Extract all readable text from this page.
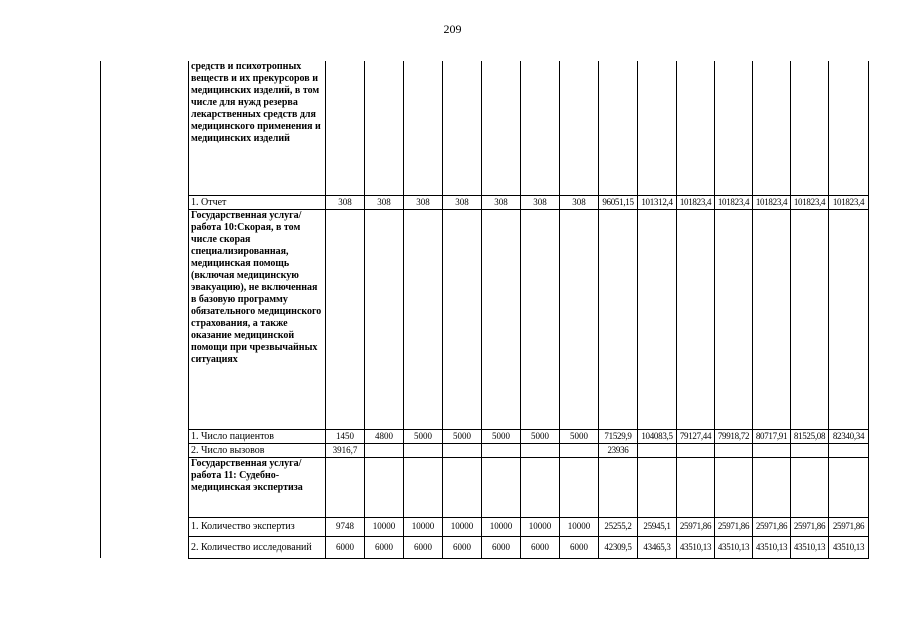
209
	средств и психотропных веществ и их прекурсоров и медицинских изделий, в том числе для нужд резерва лекарственных средств для медицинского применения и медицинских изделий														
	1. Отчет	308	308	308	308	308	308	308	96051,15	101312,4	101823,4	101823,4	101823,4	101823,4	101823,4
	Государственная услуга/работа 10:Скорая, в том числе скорая специализированная, медицинская помощь (включая медицинскую эвакуацию), не включенная в базовую программу обязательного медицинского страхования, а также оказание медицинской помощи при чрезвычайных ситуациях														
	1. Число пациентов	1450	4800	5000	5000	5000	5000	5000	71529,9	104083,5	79127,44	79918,72	80717,91	81525,08	82340,34
	2. Число вызовов	3916,7							23936						
	Государственная услуга/работа 11: Судебно-медицинская экспертиза														
	1. Количество экспертиз	9748	10000	10000	10000	10000	10000	10000	25255,2	25945,1	25971,86	25971,86	25971,86	25971,86	25971,86
	2. Количество исследований	6000	6000	6000	6000	6000	6000	6000	42309,5	43465,3	43510,13	43510,13	43510,13	43510,13	43510,13
